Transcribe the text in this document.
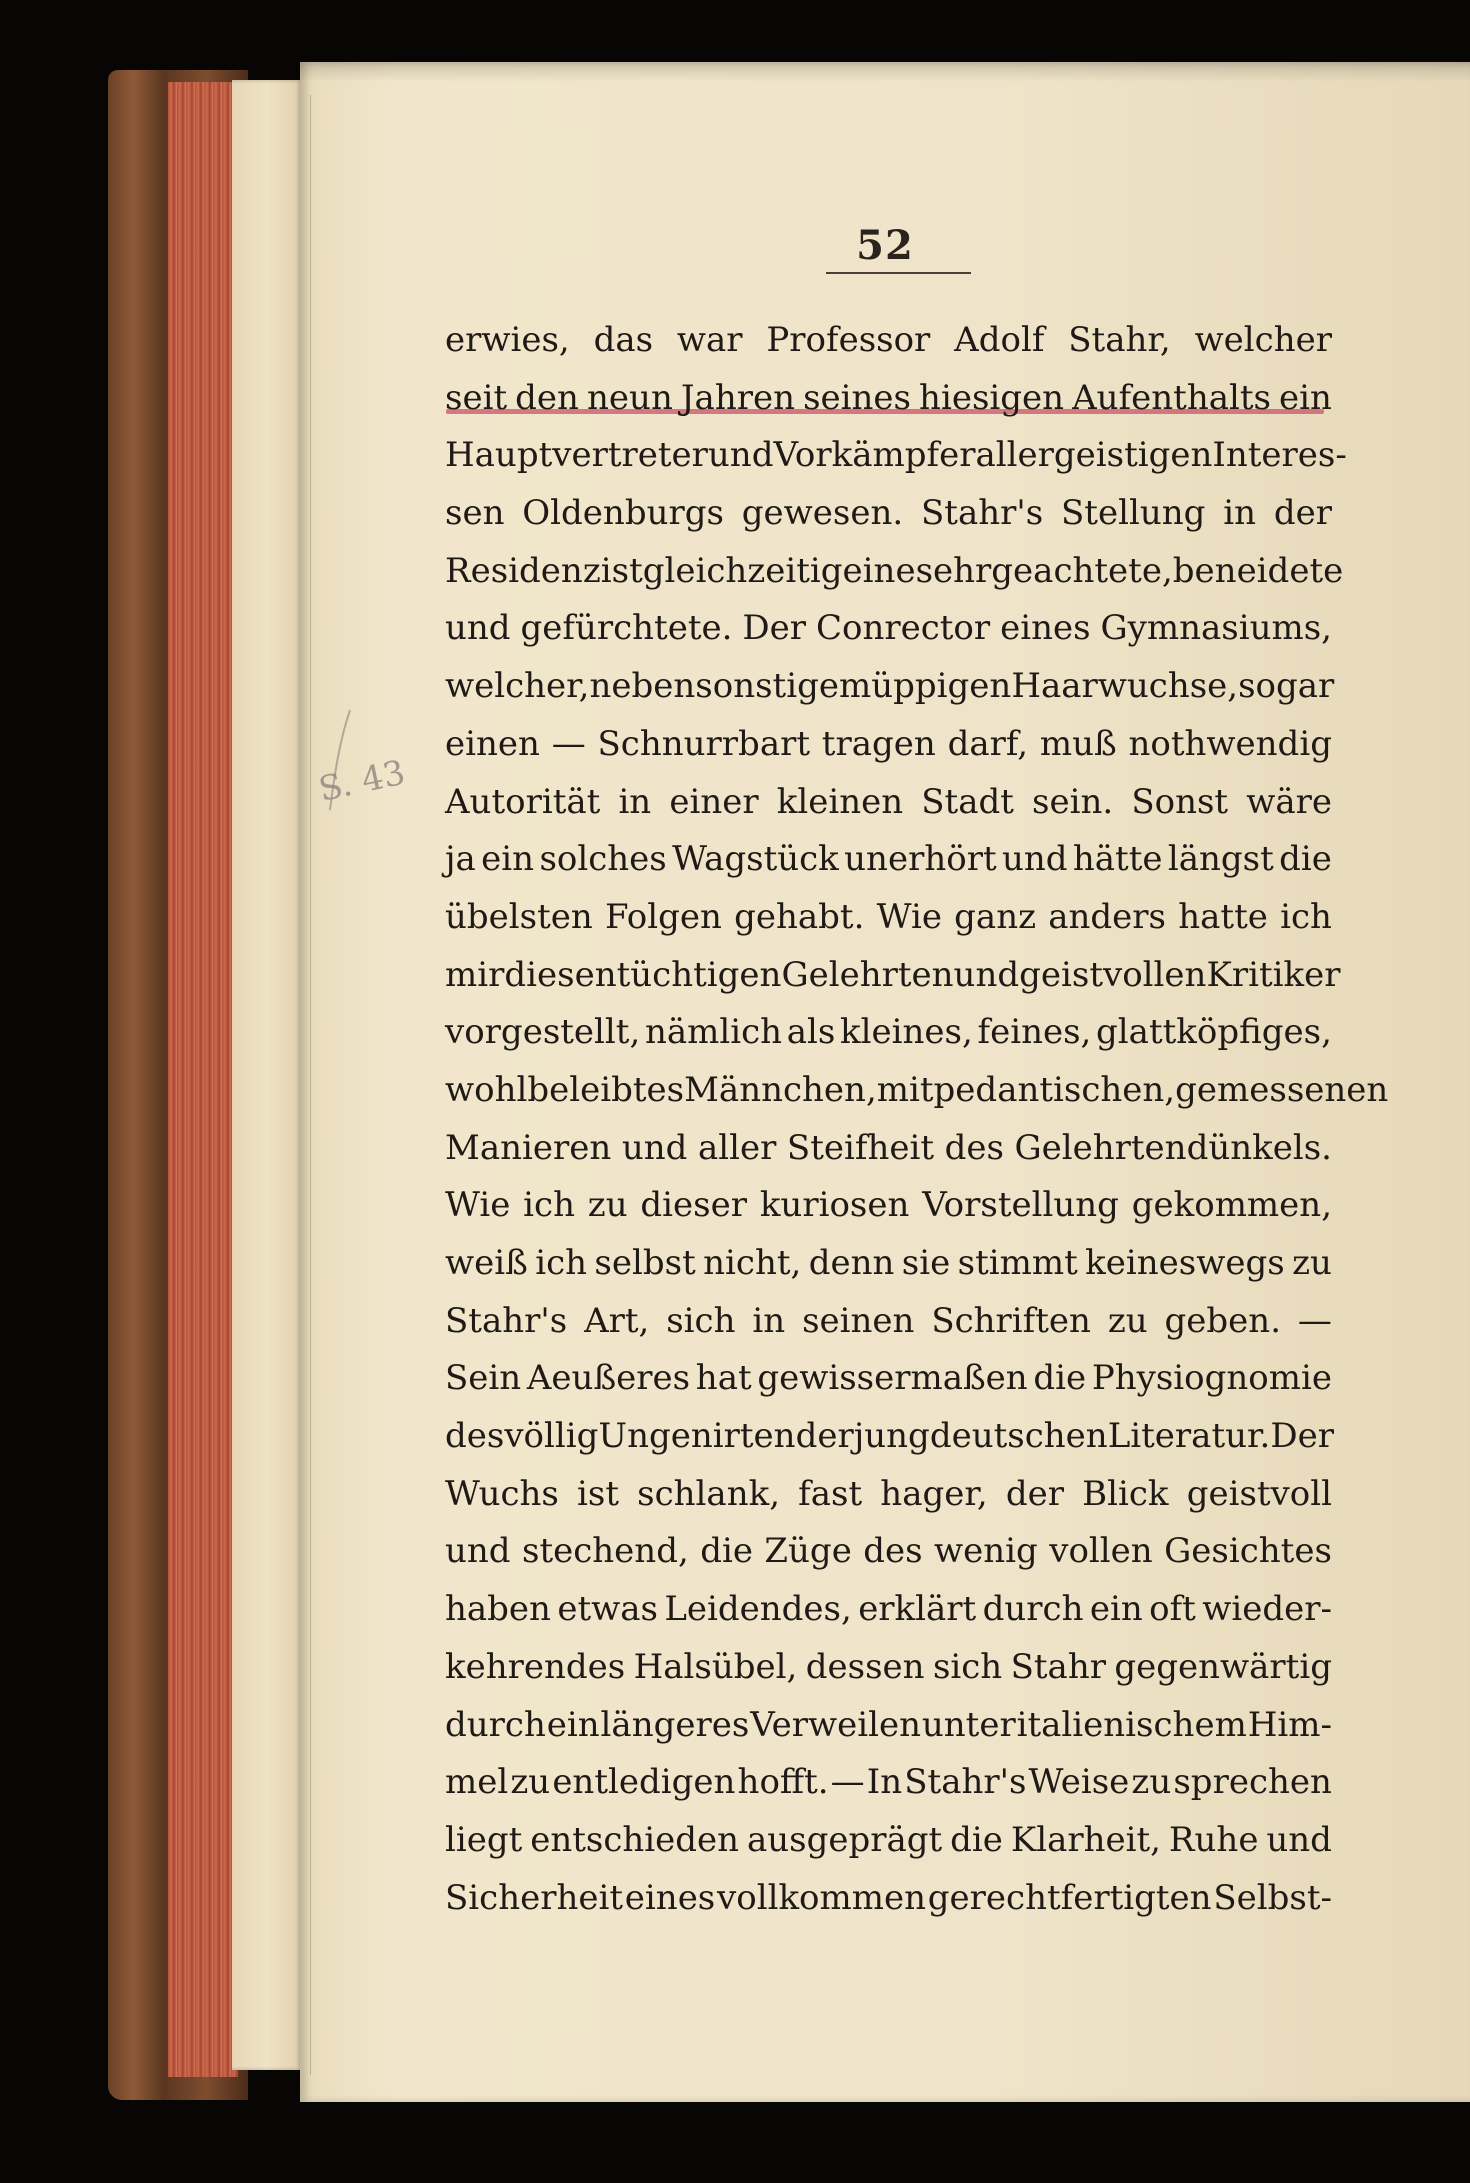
52
S. 43
erwies, das war Professor Adolf Stahr, welcher
seit den neun Jahren seines hiesigen Aufenthalts ein
Hauptvertreter und Vorkämpfer aller geistigen Interes-
sen Oldenburgs gewesen. Stahr's Stellung in der
Residenz ist gleichzeitig eine sehr geachtete, beneidete
und gefürchtete. Der Conrector eines Gymnasiums,
welcher, neben sonstigem üppigen Haarwuchse, sogar
einen — Schnurrbart tragen darf, muß nothwendig
Autorität in einer kleinen Stadt sein. Sonst wäre
ja ein solches Wagstück unerhört und hätte längst die
übelsten Folgen gehabt. Wie ganz anders hatte ich
mir diesen tüchtigen Gelehrten und geistvollen Kritiker
vorgestellt, nämlich als kleines, feines, glattköpfiges,
wohlbeleibtes Männchen, mit pedantischen, gemessenen
Manieren und aller Steifheit des Gelehrtendünkels.
Wie ich zu dieser kuriosen Vorstellung gekommen,
weiß ich selbst nicht, denn sie stimmt keineswegs zu
Stahr's Art, sich in seinen Schriften zu geben. —
Sein Aeußeres hat gewissermaßen die Physiognomie
des völlig Ungenirten der jungdeutschen Literatur. Der
Wuchs ist schlank, fast hager, der Blick geistvoll
und stechend, die Züge des wenig vollen Gesichtes
haben etwas Leidendes, erklärt durch ein oft wieder-
kehrendes Halsübel, dessen sich Stahr gegenwärtig
durch ein längeres Verweilen unter italienischem Him-
mel zu entledigen hofft. — In Stahr's Weise zu sprechen
liegt entschieden ausgeprägt die Klarheit, Ruhe und
Sicherheit eines vollkommen gerechtfertigten Selbst-
